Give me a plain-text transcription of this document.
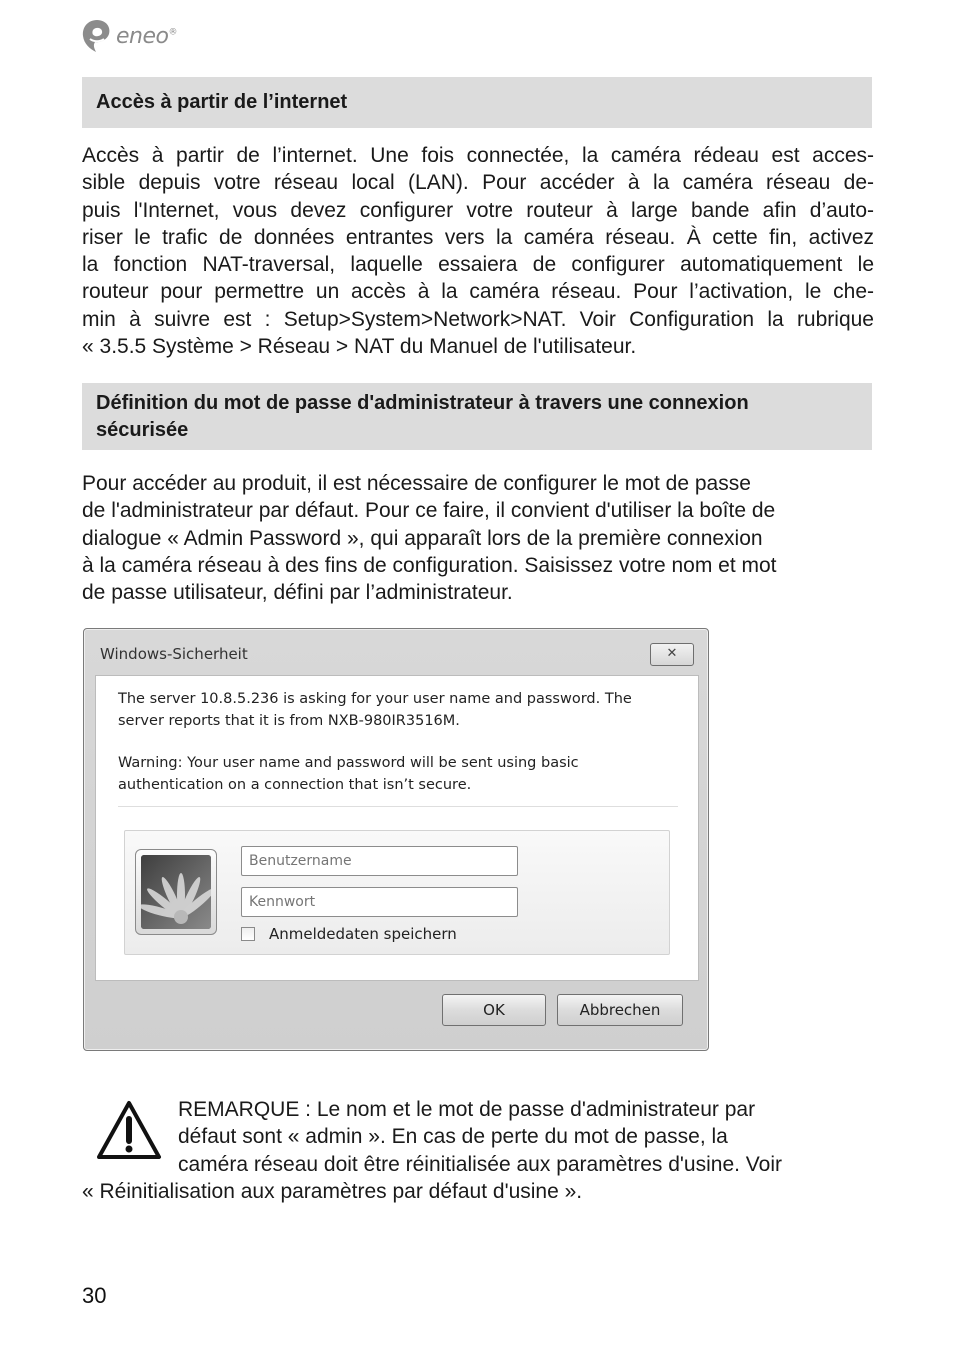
eneo®
Accès à partir de l’internet

Accès à partir de l’internet. Une fois connectée, la caméra rédeau est acces-
sible depuis votre réseau local (LAN). Pour accéder à la caméra réseau de-
puis l'Internet, vous devez configurer votre routeur à large bande afin d’auto-
riser le trafic de données entrantes vers la caméra réseau. À cette fin, activez
la fonction NAT-traversal, laquelle essaiera de configurer automatiquement le
routeur pour permettre un accès à la caméra réseau. Pour l’activation, le che-
min à suivre est : Setup>System>Network>NAT. Voir Configuration la rubrique
« 3.5.5 Système > Réseau > NAT du Manuel de l'utilisateur.

Définition du mot de passe d'administrateur à travers une connexion
sécurisée

Pour accéder au produit, il est nécessaire de configurer le mot de passe
de l'administrateur par défaut. Pour ce faire, il convient d'utiliser la boîte de
dialogue « Admin Password », qui apparaît lors de la première connexion
à la caméra réseau à des fins de configuration. Saisissez votre nom et mot
de passe utilisateur, défini par l’administrateur.

Windows-Sicherheit	✕

The server 10.8.5.236 is asking for your user name and password. The
server reports that it is from NXB-980IR3516M.

Warning: Your user name and password will be sent using basic
authentication on a connection that isn’t secure.

Benutzername
Anmeldedaten speichern
OK	Abbrechen

REMARQUE : Le nom et le mot de passe d'administrateur par
défaut sont « admin ». En cas de perte du mot de passe, la
caméra réseau doit être réinitialisée aux paramètres d'usine. Voir
« Réinitialisation aux paramètres par défaut d'usine ».

30
